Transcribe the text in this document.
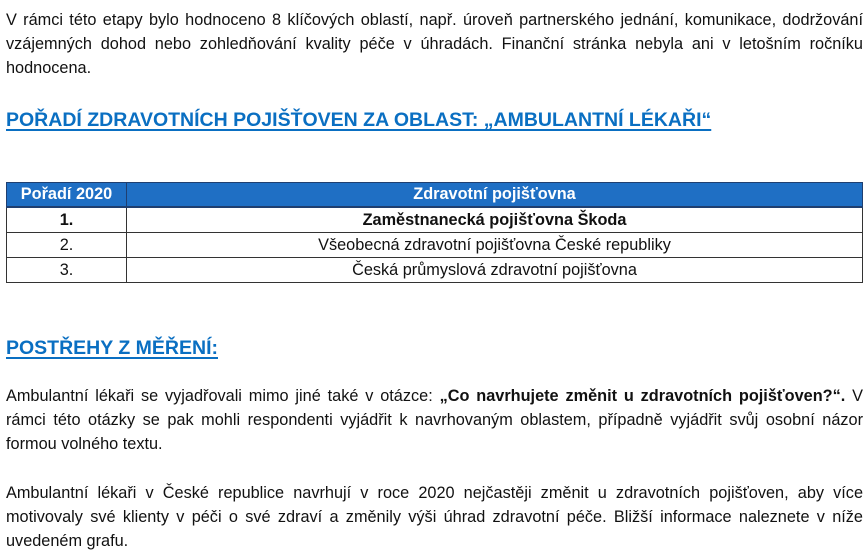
V rámci této etapy bylo hodnoceno 8 klíčových oblastí, např. úroveň partnerského jednání, komunikace, dodržování vzájemných dohod nebo zohledňování kvality péče v úhradách. Finanční stránka nebyla ani v letošním ročníku hodnocena.

POŘADÍ ZDRAVOTNÍCH POJIŠŤOVEN ZA OBLAST: „AMBULANTNÍ LÉKAŘI“
Pořadí 2020	Zdravotní pojišťovna
1.	Zaměstnanecká pojišťovna Škoda
2.	Všeobecná zdravotní pojišťovna České republiky
3.	Česká průmyslová zdravotní pojišťovna
POSTŘEHY Z MĚŘENÍ:

Ambulantní lékaři se vyjadřovali mimo jiné také v otázce: „Co navrhujete změnit u zdravotních pojišťoven?“. V rámci této otázky se pak mohli respondenti vyjádřit k navrhovaným oblastem, případně vyjádřit svůj osobní názor formou volného textu.

Ambulantní lékaři v České republice navrhují v roce 2020 nejčastěji změnit u zdravotních pojišťoven, aby více motivovaly své klienty v péči o své zdraví a změnily výši úhrad zdravotní péče. Bližší informace naleznete v níže uvedeném grafu.
